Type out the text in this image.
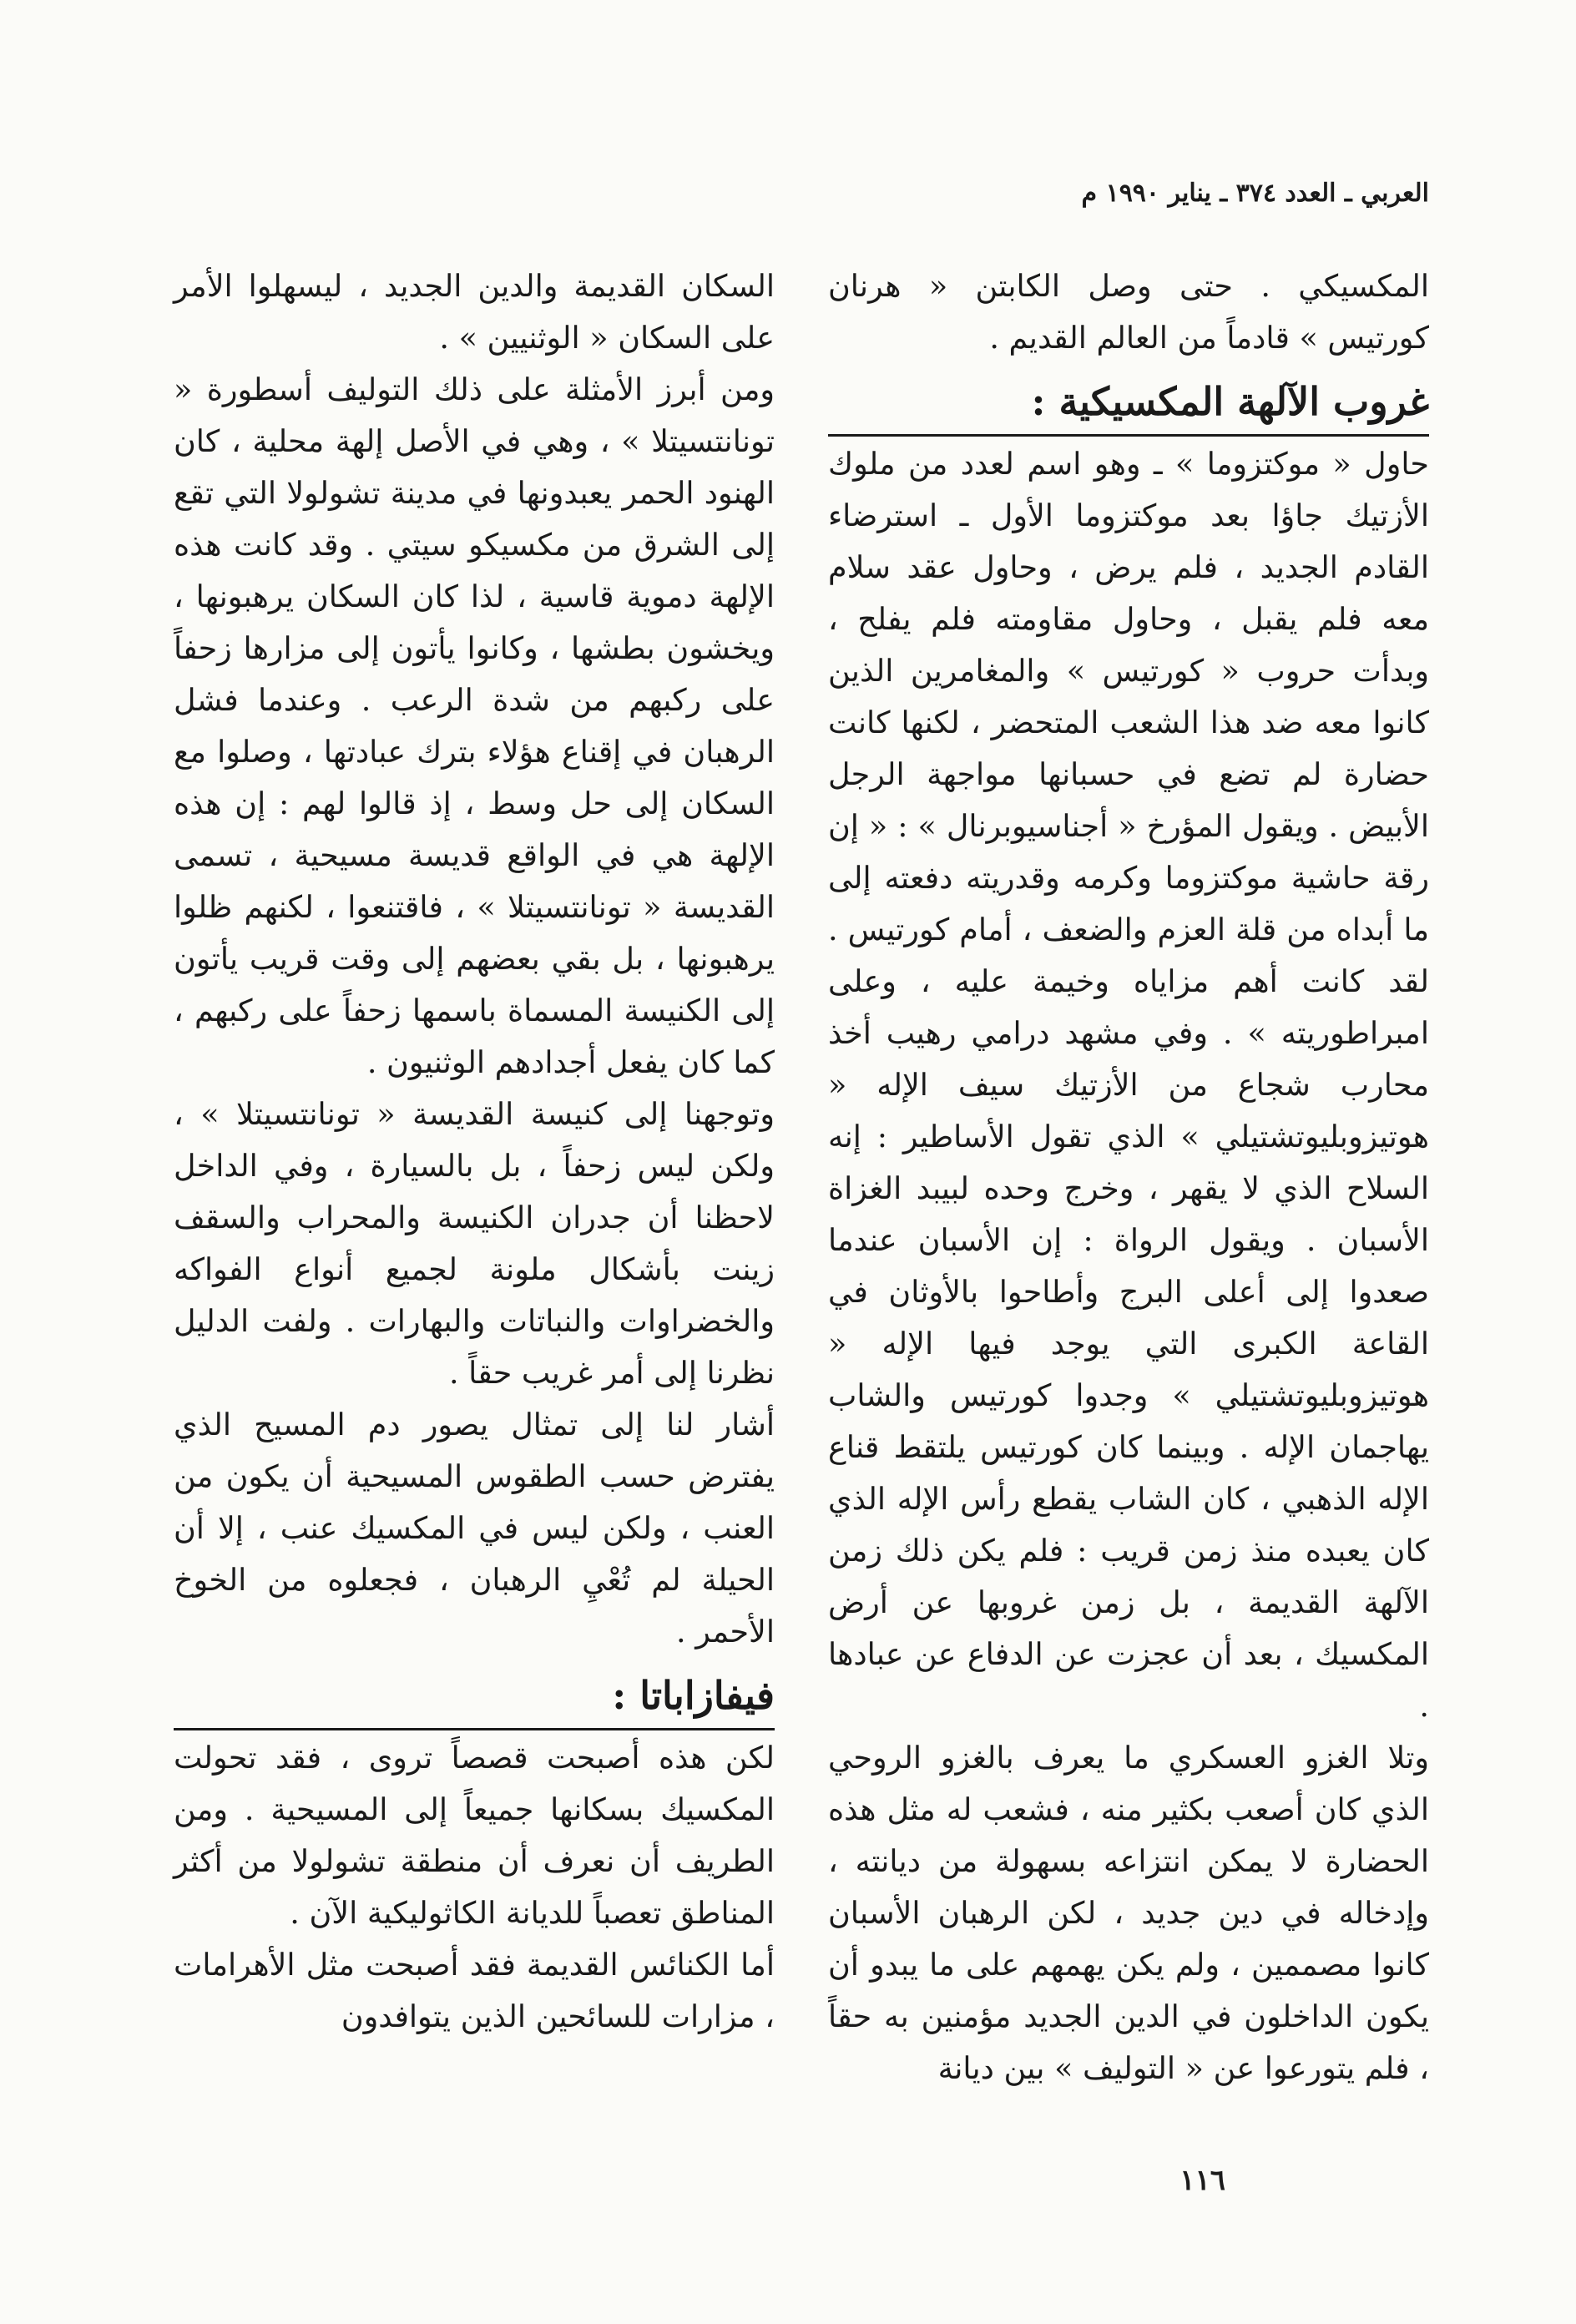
العربي ـ العدد ٣٧٤ ـ يناير ١٩٩٠ م

المكسيكي . حتى وصل الكابتن « هرنان كورتيس » قادماً من العالم القديم .

غروب الآلهة المكسيكية :

حاول « موكتزوما » ـ وهو اسم لعدد من ملوك الأزتيك جاؤا بعد موكتزوما الأول ـ استرضاء القادم الجديد ، فلم يرض ، وحاول عقد سلام معه فلم يقبل ، وحاول مقاومته فلم يفلح ، وبدأت حروب « كورتيس » والمغامرين الذين كانوا معه ضد هذا الشعب المتحضر ، لكنها كانت حضارة لم تضع في حسبانها مواجهة الرجل الأبيض . ويقول المؤرخ « أجناسيوبرنال » : « إن رقة حاشية موكتزوما وكرمه وقدريته دفعته إلى ما أبداه من قلة العزم والضعف ، أمام كورتيس . لقد كانت أهم مزاياه وخيمة عليه ، وعلى امبراطوريته » . وفي مشهد درامي رهيب أخذ محارب شجاع من الأزتيك سيف الإله « هوتيزوبليوتشتيلي » الذي تقول الأساطير : إنه السلاح الذي لا يقهر ، وخرج وحده لبيبد الغزاة الأسبان . ويقول الرواة : إن الأسبان عندما صعدوا إلى أعلى البرج وأطاحوا بالأوثان في القاعة الكبرى التي يوجد فيها الإله « هوتيزوبليوتشتيلي » وجدوا كورتيس والشاب يهاجمان الإله . وبينما كان كورتيس يلتقط قناع الإله الذهبي ، كان الشاب يقطع رأس الإله الذي كان يعبده منذ زمن قريب : فلم يكن ذلك زمن الآلهة القديمة ، بل زمن غروبها عن أرض المكسيك ، بعد أن عجزت عن الدفاع عن عبادها .

وتلا الغزو العسكري ما يعرف بالغزو الروحي الذي كان أصعب بكثير منه ، فشعب له مثل هذه الحضارة لا يمكن انتزاعه بسهولة من ديانته ، وإدخاله في دين جديد ، لكن الرهبان الأسبان كانوا مصممين ، ولم يكن يهمهم على ما يبدو أن يكون الداخلون في الدين الجديد مؤمنين به حقاً ، فلم يتورعوا عن « التوليف » بين ديانة

السكان القديمة والدين الجديد ، ليسهلوا الأمر على السكان « الوثنيين » .

ومن أبرز الأمثلة على ذلك التوليف أسطورة « تونانتسيتلا » ، وهي في الأصل إلهة محلية ، كان الهنود الحمر يعبدونها في مدينة تشولولا التي تقع إلى الشرق من مكسيكو سيتي . وقد كانت هذه الإلهة دموية قاسية ، لذا كان السكان يرهبونها ، ويخشون بطشها ، وكانوا يأتون إلى مزارها زحفاً على ركبهم من شدة الرعب . وعندما فشل الرهبان في إقناع هؤلاء بترك عبادتها ، وصلوا مع السكان إلى حل وسط ، إذ قالوا لهم : إن هذه الإلهة هي في الواقع قديسة مسيحية ، تسمى القديسة « تونانتسيتلا » ، فاقتنعوا ، لكنهم ظلوا يرهبونها ، بل بقي بعضهم إلى وقت قريب يأتون إلى الكنيسة المسماة باسمها زحفاً على ركبهم ، كما كان يفعل أجدادهم الوثنيون .

وتوجهنا إلى كنيسة القديسة « تونانتسيتلا » ، ولكن ليس زحفاً ، بل بالسيارة ، وفي الداخل لاحظنا أن جدران الكنيسة والمحراب والسقف زينت بأشكال ملونة لجميع أنواع الفواكه والخضراوات والنباتات والبهارات . ولفت الدليل نظرنا إلى أمر غريب حقاً .

أشار لنا إلى تمثال يصور دم المسيح الذي يفترض حسب الطقوس المسيحية أن يكون من العنب ، ولكن ليس في المكسيك عنب ، إلا أن الحيلة لم تُعْيِ الرهبان ، فجعلوه من الخوخ الأحمر .

فيفازاباتا :

لكن هذه أصبحت قصصاً تروى ، فقد تحولت المكسيك بسكانها جميعاً إلى المسيحية . ومن الطريف أن نعرف أن منطقة تشولولا من أكثر المناطق تعصباً للديانة الكاثوليكية الآن .

أما الكنائس القديمة فقد أصبحت مثل الأهرامات ، مزارات للسائحين الذين يتوافدون

١١٦
